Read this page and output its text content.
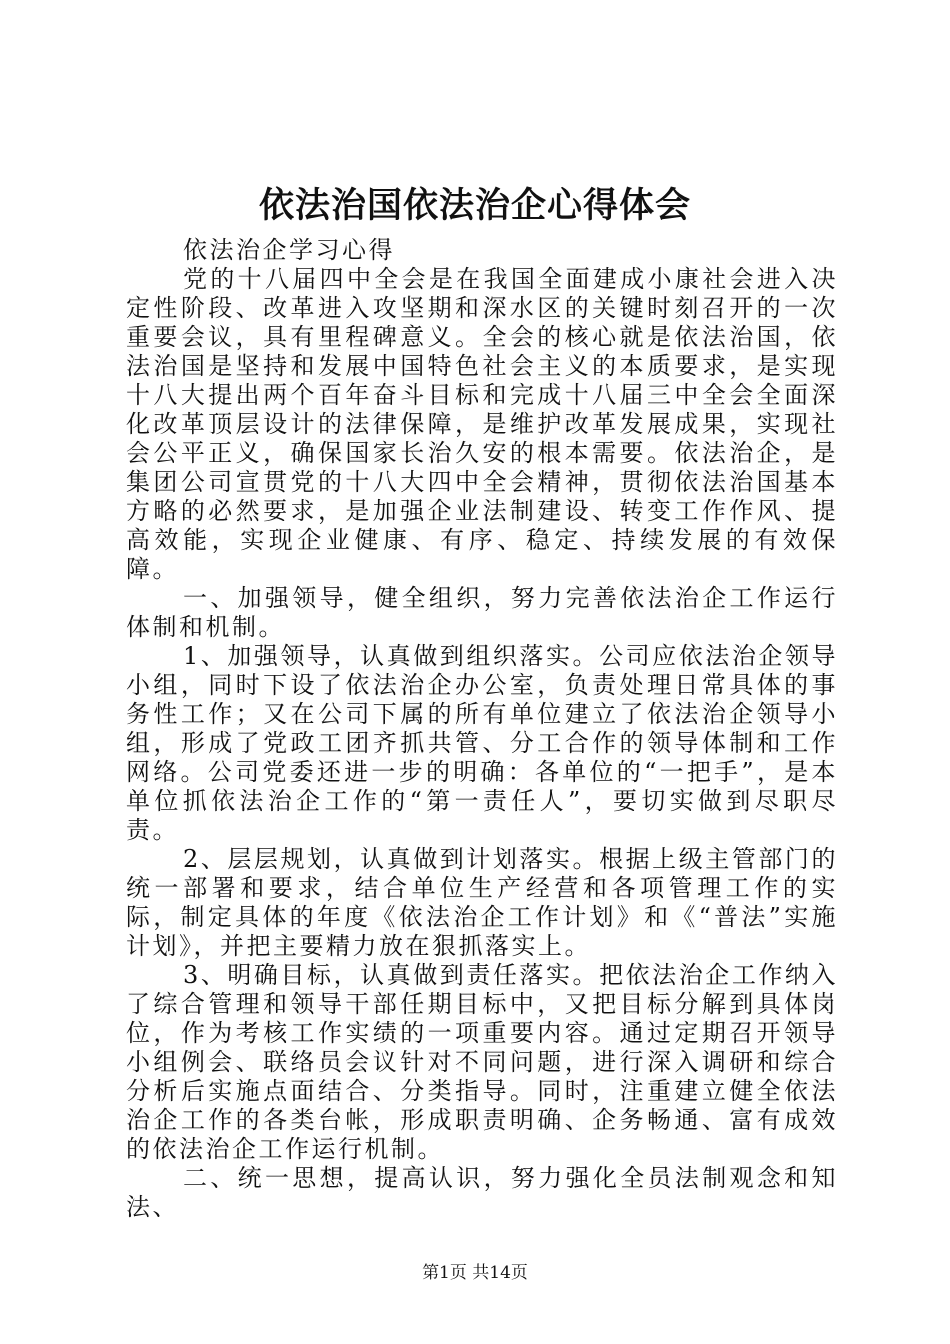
依法治国依法治企心得体会

依法治企学习心得

党的十八届四中全会是在我国全面建成小康社会进入决定性阶段、改革进入攻坚期和深水区的关键时刻召开的一次重要会议，具有里程碑意义。全会的核心就是依法治国，依法治国是坚持和发展中国特色社会主义的本质要求，是实现十八大提出两个百年奋斗目标和完成十八届三中全会全面深化改革顶层设计的法律保障，是维护改革发展成果，实现社会公平正义，确保国家长治久安的根本需要。依法治企，是集团公司宣贯党的十八大四中全会精神，贯彻依法治国基本方略的必然要求，是加强企业法制建设、转变工作作风、提高效能，实现企业健康、有序、稳定、持续发展的有效保障。

一、加强领导，健全组织，努力完善依法治企工作运行体制和机制。

1、加强领导，认真做到组织落实。公司应依法治企领导小组，同时下设了依法治企办公室，负责处理日常具体的事务性工作；又在公司下属的所有单位建立了依法治企领导小组，形成了党政工团齐抓共管、分工合作的领导体制和工作网络。公司党委还进一步的明确：各单位的“一把手”，是本单位抓依法治企工作的“第一责任人”，要切实做到尽职尽责。

2、层层规划，认真做到计划落实。根据上级主管部门的统一部署和要求，结合单位生产经营和各项管理工作的实际，制定具体的年度《依法治企工作计划》和《“普法”实施计划》，并把主要精力放在狠抓落实上。

3、明确目标，认真做到责任落实。把依法治企工作纳入了综合管理和领导干部任期目标中，又把目标分解到具体岗位，作为考核工作实绩的一项重要内容。通过定期召开领导小组例会、联络员会议针对不同问题，进行深入调研和综合分析后实施点面结合、分类指导。同时，注重建立健全依法治企工作的各类台帐，形成职责明确、企务畅通、富有成效的依法治企工作运行机制。

二、统一思想，提高认识，努力强化全员法制观念和知法、

第1页 共14页
